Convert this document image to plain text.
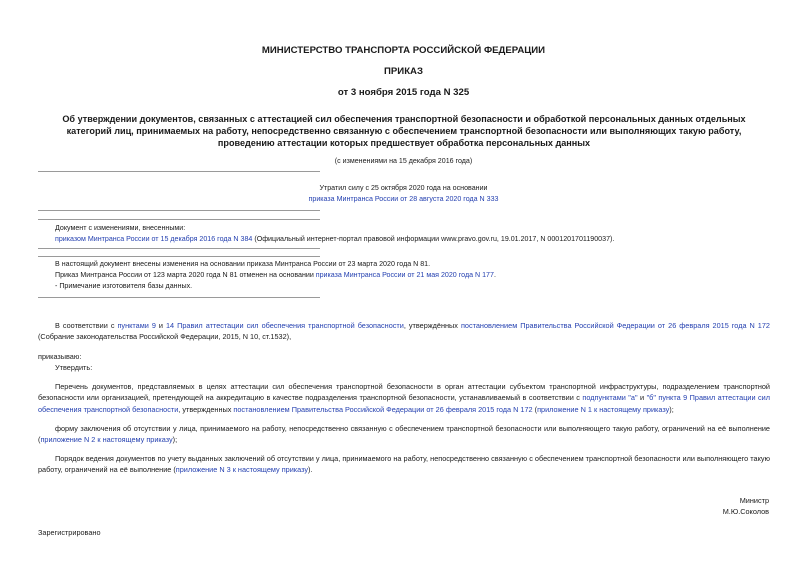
МИНИСТЕРСТВО ТРАНСПОРТА РОССИЙСКОЙ ФЕДЕРАЦИИ
ПРИКАЗ
от 3 ноября 2015 года N 325
Об утверждении документов, связанных с аттестацией сил обеспечения транспортной безопасности и обработкой персональных данных отдельных категорий лиц, принимаемых на работу, непосредственно связанную с обеспечением транспортной безопасности или выполняющих такую работу, проведению аттестации которых предшествует обработка персональных данных
(с изменениями на 15 декабря 2016 года)
Утратил силу с 25 октября 2020 года на основании
приказа Минтранса России от 28 августа 2020 года N 333
Документ с изменениями, внесенными:
приказом Минтранса России от 15 декабря 2016 года N 384 (Официальный интернет-портал правовой информации www.pravo.gov.ru, 19.01.2017, N 0001201701190037).
В настоящий документ внесены изменения на основании приказа Минтранса России от 23 марта 2020 года N 81.
Приказ Минтранса России от 123 марта 2020 года N 81 отменен на основании приказа Минтранса России от 21 мая 2020 года N 177.
- Примечание изготовителя базы данных.
В соответствии с пунктами 9 и 14 Правил аттестации сил обеспечения транспортной безопасности, утверждённых постановлением Правительства Российской Федерации от 26 февраля 2015 года N 172 (Собрание законодательства Российской Федерации, 2015, N 10, ст.1532),
приказываю:
Утвердить:
Перечень документов, представляемых в целях аттестации сил обеспечения транспортной безопасности в орган аттестации субъектом транспортной инфраструктуры, подразделением транспортной безопасности или организацией, претендующей на аккредитацию в качестве подразделения транспортной безопасности, устанавливаемый в соответствии с подпунктами "а" и "б" пункта 9 Правил аттестации сил обеспечения транспортной безопасности, утвержденных постановлением Правительства Российской Федерации от 26 февраля 2015 года N 172 (приложение N 1 к настоящему приказу);
форму заключения об отсутствии у лица, принимаемого на работу, непосредственно связанную с обеспечением транспортной безопасности или выполняющего такую работу, ограничений на её выполнение (приложение N 2 к настоящему приказу);
Порядок ведения документов по учету выданных заключений об отсутствии у лица, принимаемого на работу, непосредственно связанную с обеспечением транспортной безопасности или выполняющего такую работу, ограничений на её выполнение (приложение N 3 к настоящему приказу).
Министр
М.Ю.Соколов
Зарегистрировано
